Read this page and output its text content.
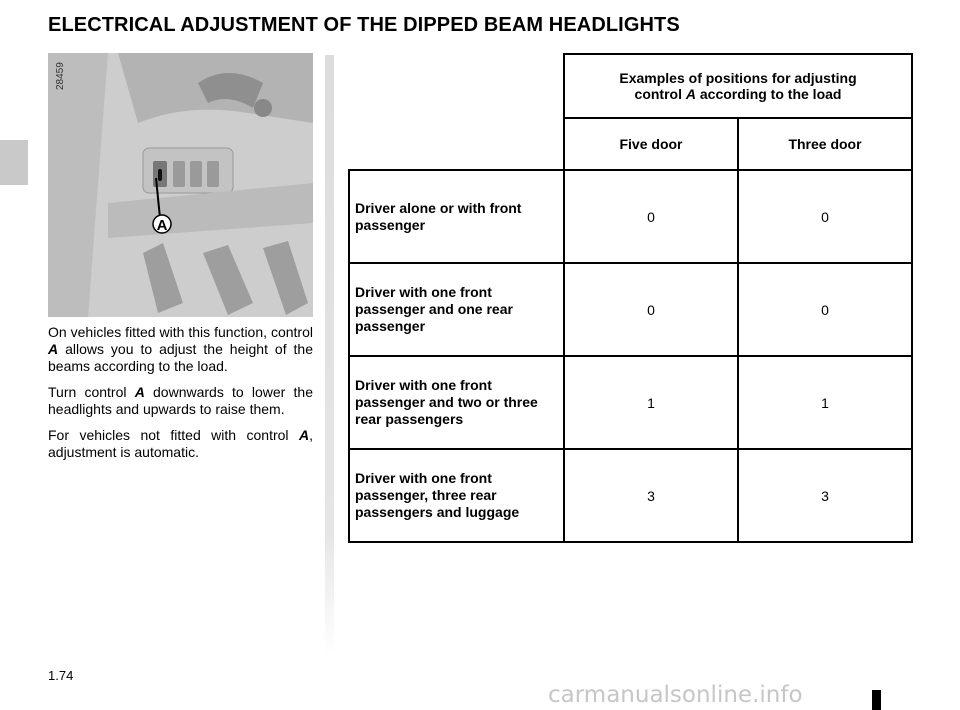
ELECTRICAL ADJUSTMENT OF THE DIPPED BEAM HEADLIGHTS
A
28459

On vehicles fitted with this function, control A allows you to adjust the height of the beams according to the load.

Turn control A downwards to lower the headlights and upwards to raise them.

For vehicles not fitted with control A, adjustment is automatic.

	Examples of positions for adjusting
control A according to the load	

	Five door	Three door
Driver alone or with front passenger	0	0
Driver with one front passenger and one rear passenger	0	0
Driver with one front passenger and two or three rear passengers	1	1
Driver with one front passenger, three rear passengers and luggage	3	3
1.74
carmanualsonline.info
